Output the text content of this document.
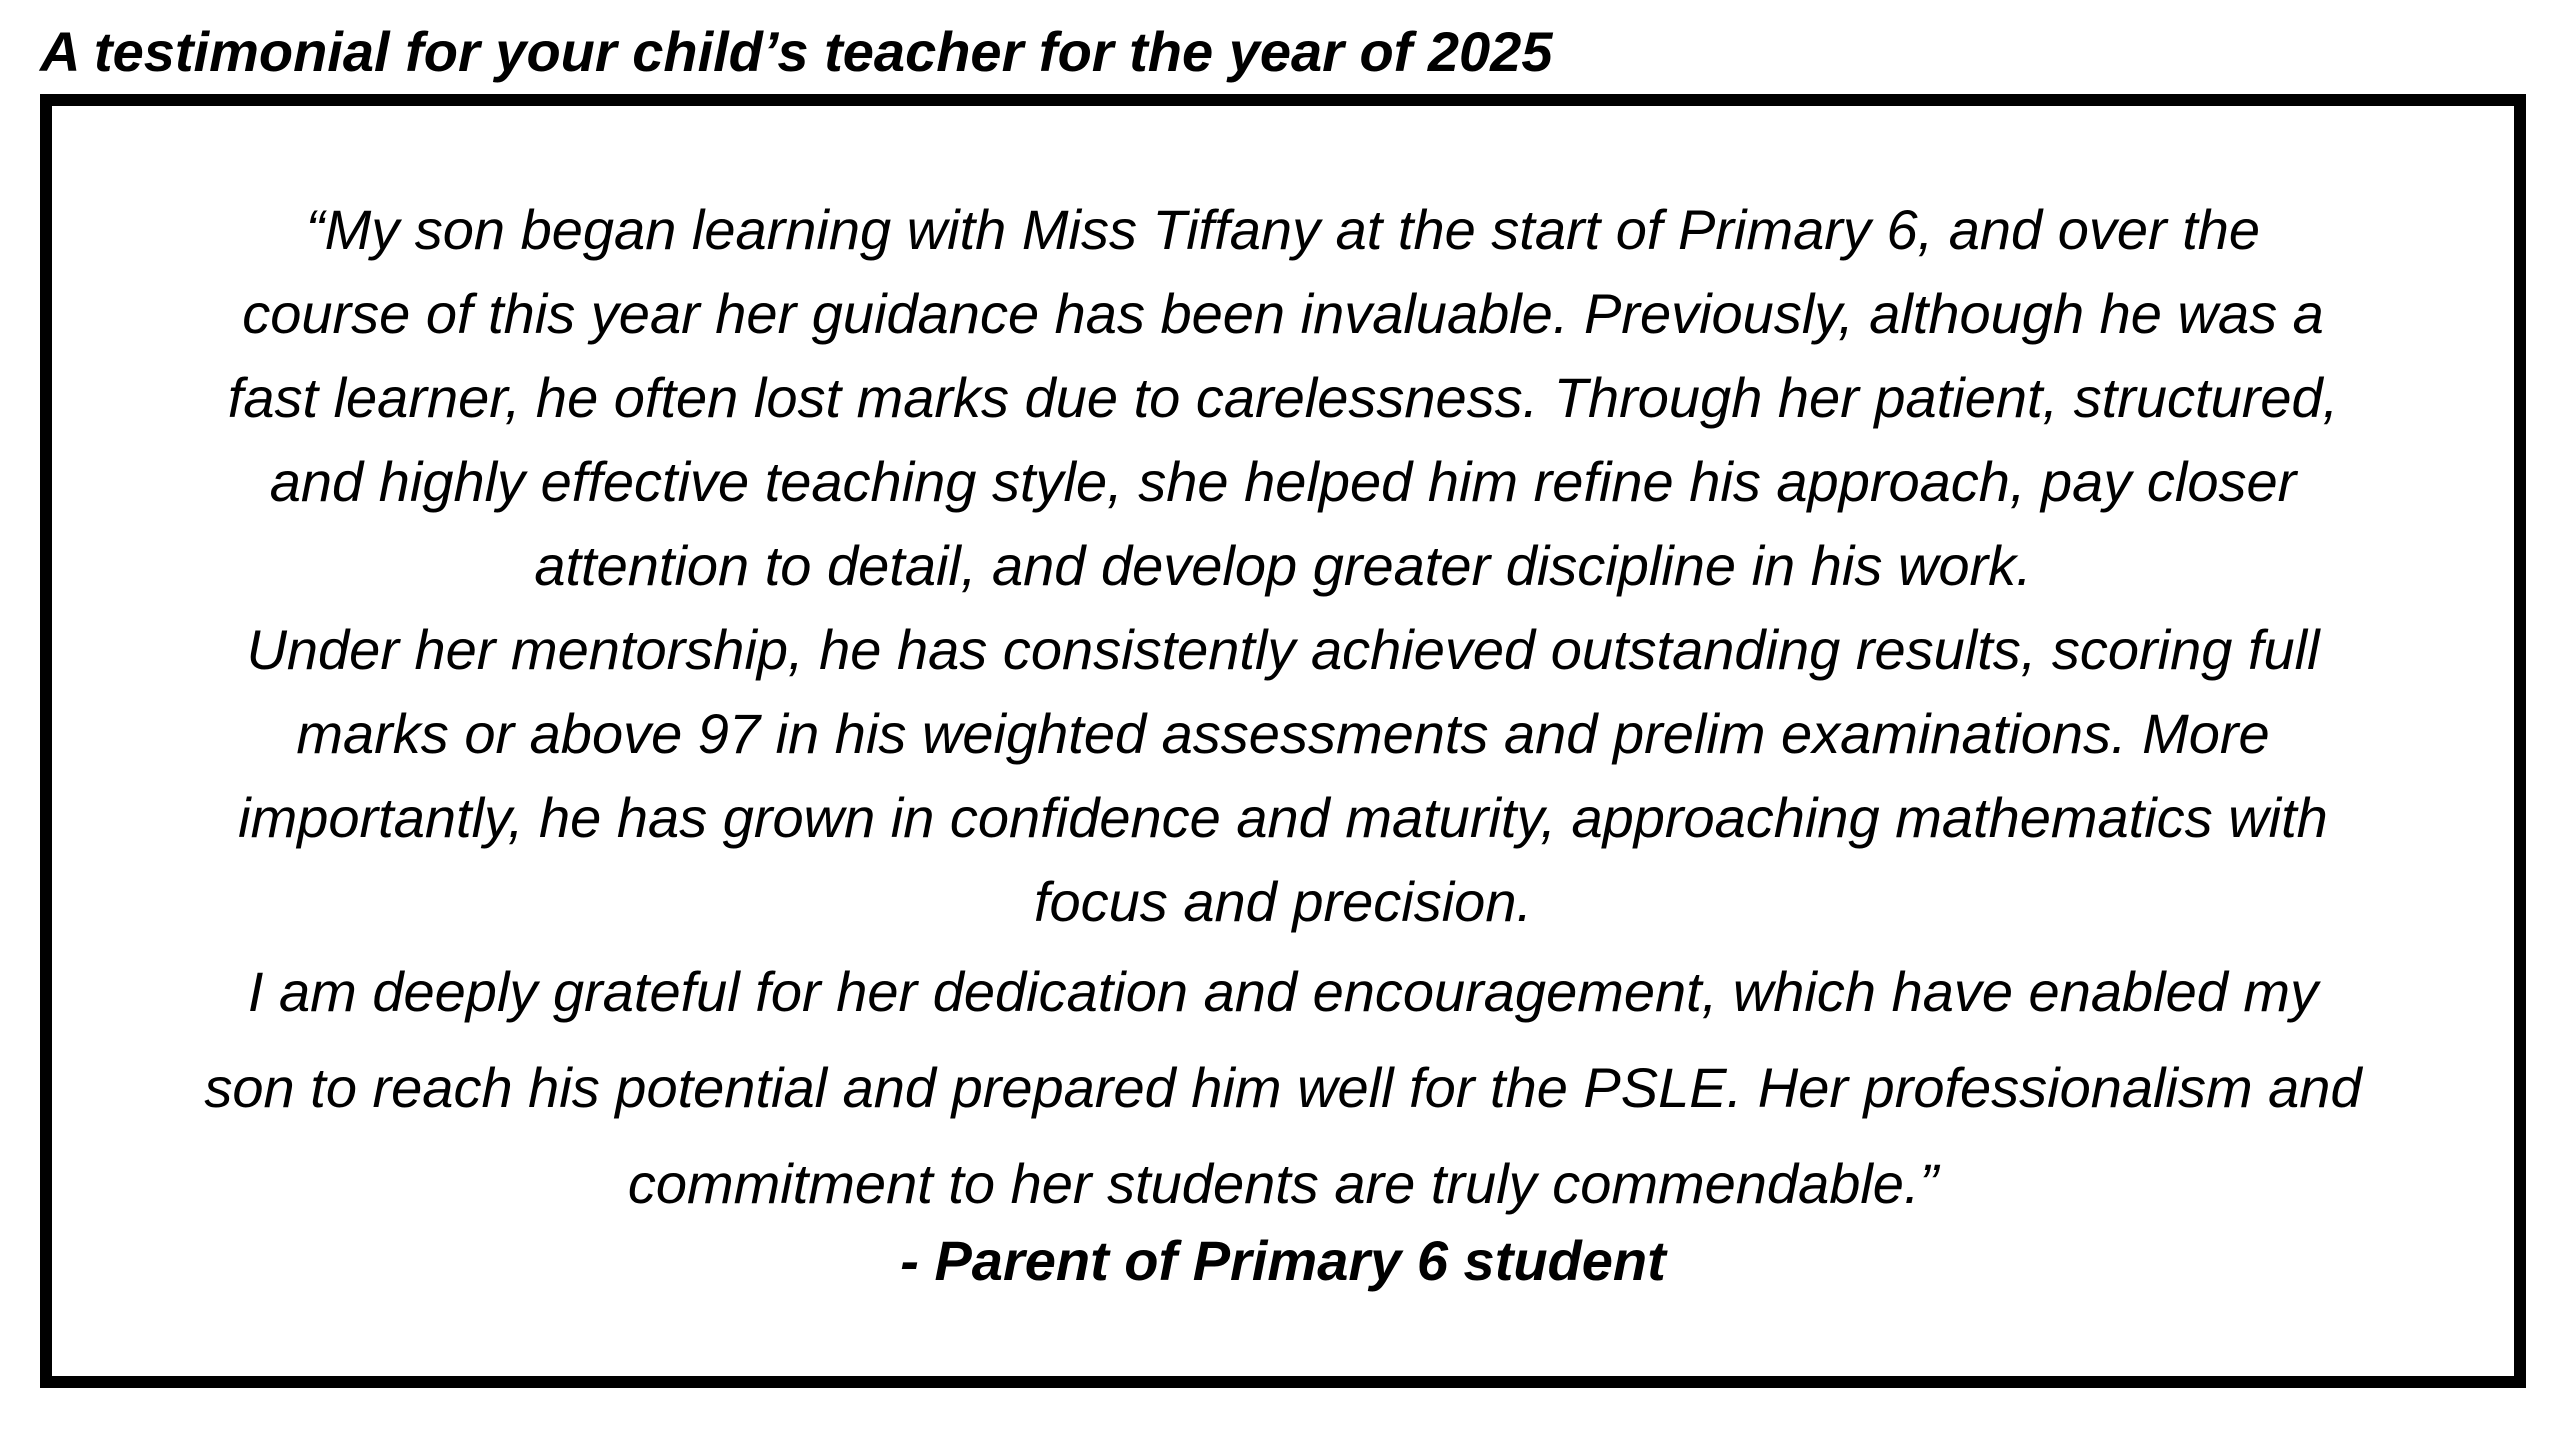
A testimonial for your child’s teacher for the year of 2025

“My son began learning with Miss Tiffany at the start of Primary 6, and over the
course of this year her guidance has been invaluable. Previously, although he was a
fast learner, he often lost marks due to carelessness. Through her patient, structured,
and highly effective teaching style, she helped him refine his approach, pay closer
attention to detail, and develop greater discipline in his work.
Under her mentorship, he has consistently achieved outstanding results, scoring full
marks or above 97 in his weighted assessments and prelim examinations. More
importantly, he has grown in confidence and maturity, approaching mathematics with
focus and precision.
I am deeply grateful for her dedication and encouragement, which have enabled my
son to reach his potential and prepared him well for the PSLE. Her professionalism and
commitment to her students are truly commendable.”

- Parent of Primary 6 student
